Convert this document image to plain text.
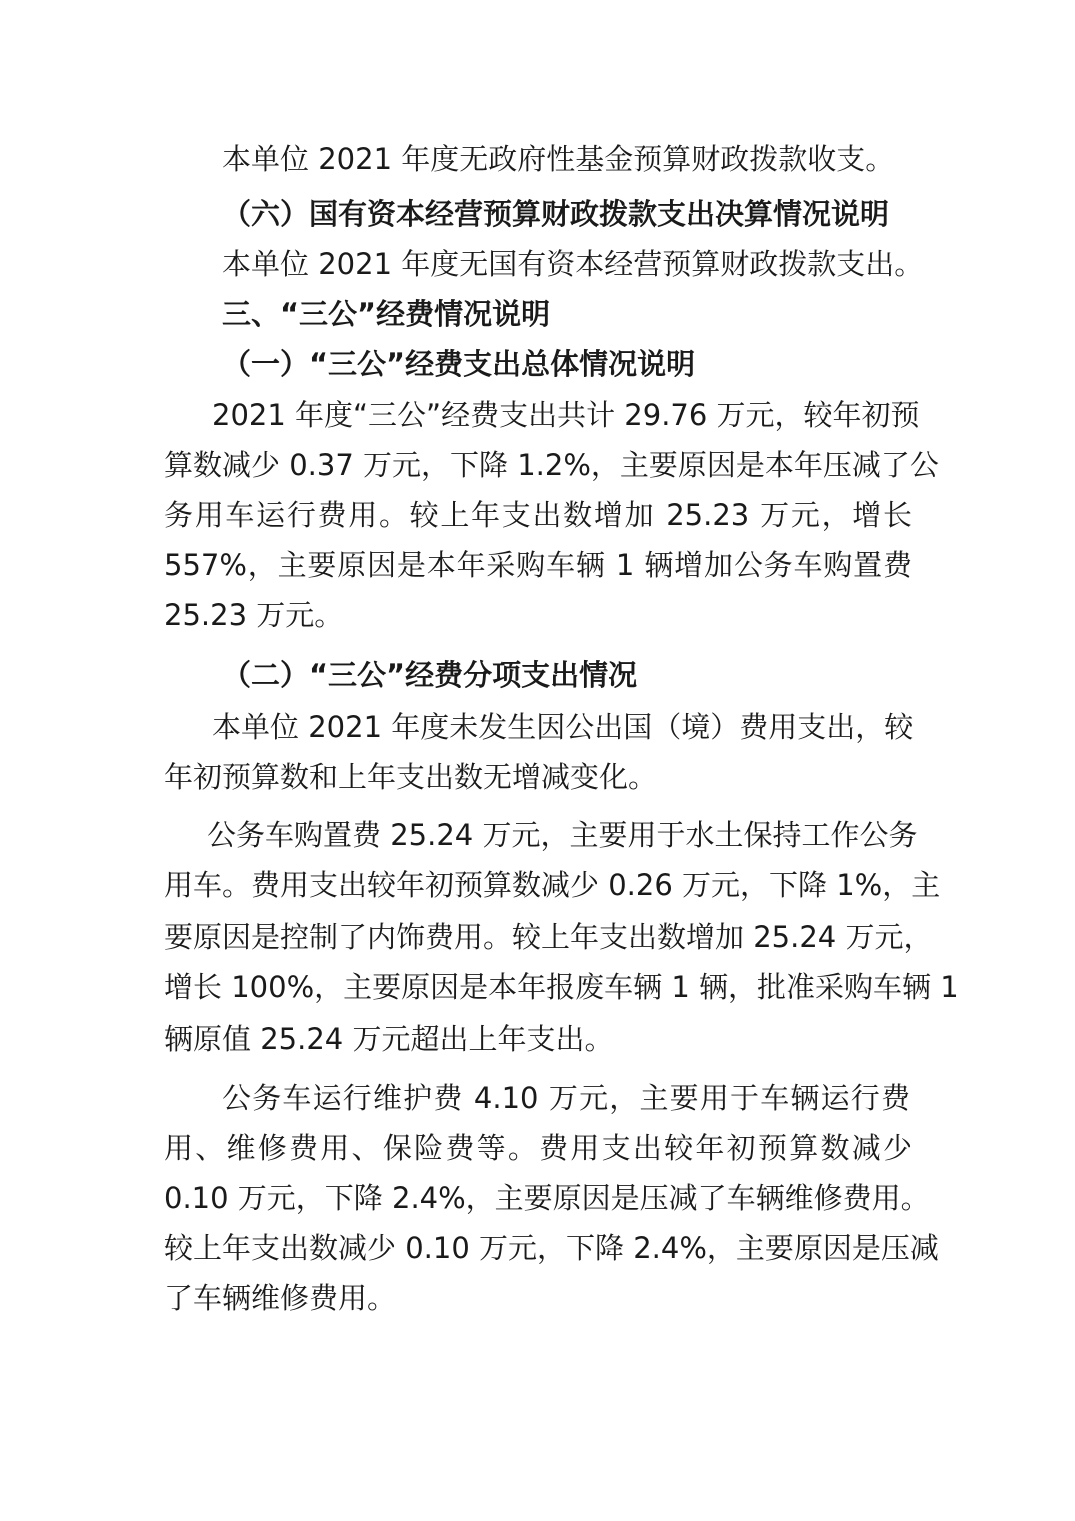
本单位 2021 年度无政府性基金预算财政拨款收支。
（六）国有资本经营预算财政拨款支出决算情况说明
本单位 2021 年度无国有资本经营预算财政拨款支出。
三、“三公”经费情况说明
（一）“三公”经费支出总体情况说明
2021 年度“三公”经费支出共计 29.76 万元，较年初预
算数减少 0.37 万元，下降 1.2%，主要原因是本年压减了公
务用车运行费用。较上年支出数增加 25.23 万元，增长
557%，主要原因是本年采购车辆 1 辆增加公务车购置费
25.23 万元。
（二）“三公”经费分项支出情况
本单位 2021 年度未发生因公出国（境）费用支出，较
年初预算数和上年支出数无增减变化。
公务车购置费 25.24 万元，主要用于水土保持工作公务
用车。费用支出较年初预算数减少 0.26 万元，下降 1%，主
要原因是控制了内饰费用。较上年支出数增加 25.24 万元，
增长 100%，主要原因是本年报废车辆 1 辆，批准采购车辆 1
辆原值 25.24 万元超出上年支出。
公务车运行维护费 4.10 万元，主要用于车辆运行费
用、维修费用、保险费等。费用支出较年初预算数减少
0.10 万元，下降 2.4%，主要原因是压减了车辆维修费用。
较上年支出数减少 0.10 万元，下降 2.4%，主要原因是压减
了车辆维修费用。
